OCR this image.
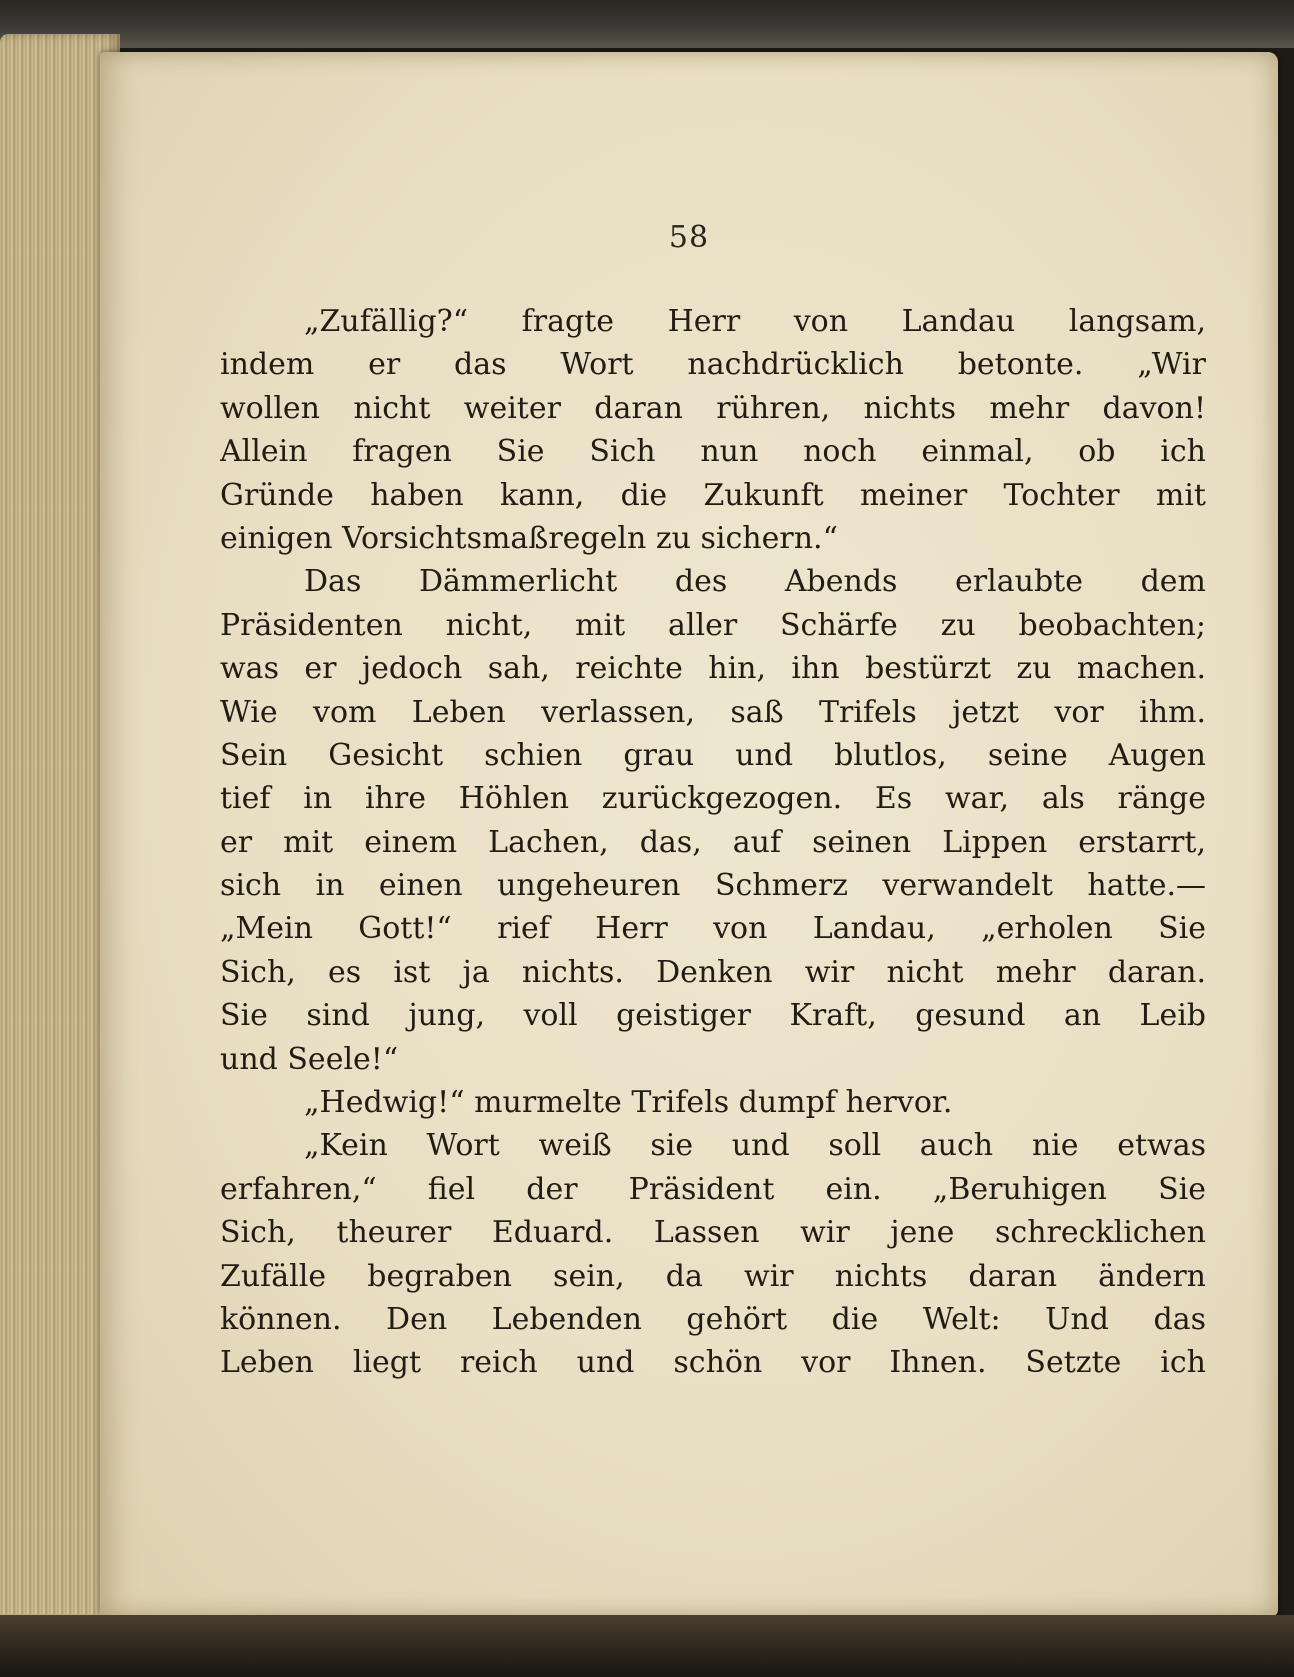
58

„Zufällig?“ fragte Herr von Landau langsam,
indem er das Wort nachdrücklich betonte. „Wir
wollen nicht weiter daran rühren, nichts mehr davon!
Allein fragen Sie Sich nun noch einmal, ob ich
Gründe haben kann, die Zukunft meiner Tochter mit
einigen Vorsichtsmaßregeln zu sichern.“

Das Dämmerlicht des Abends erlaubte dem
Präsidenten nicht, mit aller Schärfe zu beobachten;
was er jedoch sah, reichte hin, ihn bestürzt zu machen.
Wie vom Leben verlassen, saß Trifels jetzt vor ihm.
Sein Gesicht schien grau und blutlos, seine Augen
tief in ihre Höhlen zurückgezogen. Es war, als ränge
er mit einem Lachen, das, auf seinen Lippen erstarrt,
sich in einen ungeheuren Schmerz verwandelt hatte.—
„Mein Gott!“ rief Herr von Landau, „erholen Sie
Sich, es ist ja nichts. Denken wir nicht mehr daran.
Sie sind jung, voll geistiger Kraft, gesund an Leib
und Seele!“

„Hedwig!“ murmelte Trifels dumpf hervor.

„Kein Wort weiß sie und soll auch nie etwas
erfahren,“ fiel der Präsident ein. „Beruhigen Sie
Sich, theurer Eduard. Lassen wir jene schrecklichen
Zufälle begraben sein, da wir nichts daran ändern
können. Den Lebenden gehört die Welt: Und das
Leben liegt reich und schön vor Ihnen. Setzte ich
